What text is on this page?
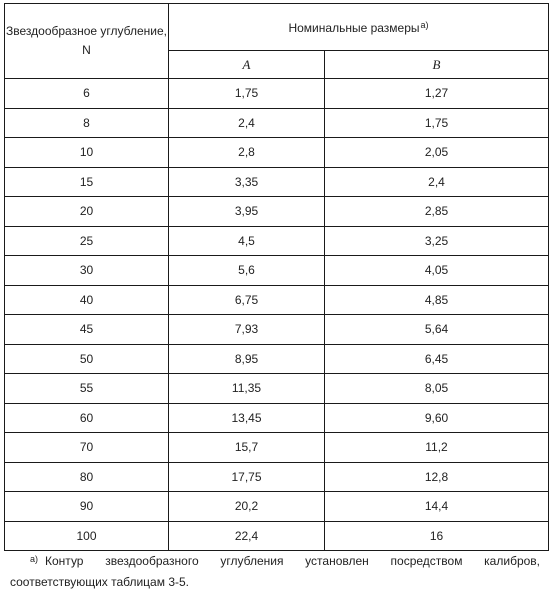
Звездообразное углубление, N	Номинальные размеры$^{a)}$
	A	B
6	1,75	1,27
8	2,4	1,75
10	2,8	2,05
15	3,35	2,4
20	3,95	2,85
25	4,5	3,25
30	5,6	4,05
40	6,75	4,85
45	7,93	5,64
50	8,95	6,45
55	11,35	8,05
60	13,45	9,60
70	15,7	11,2
80	17,75	12,8
90	20,2	14,4
100	22,4	16
$^{a)}$ Контур звездообразного углубления установлен посредством калибров, соответствующих таблицам 3-5.
